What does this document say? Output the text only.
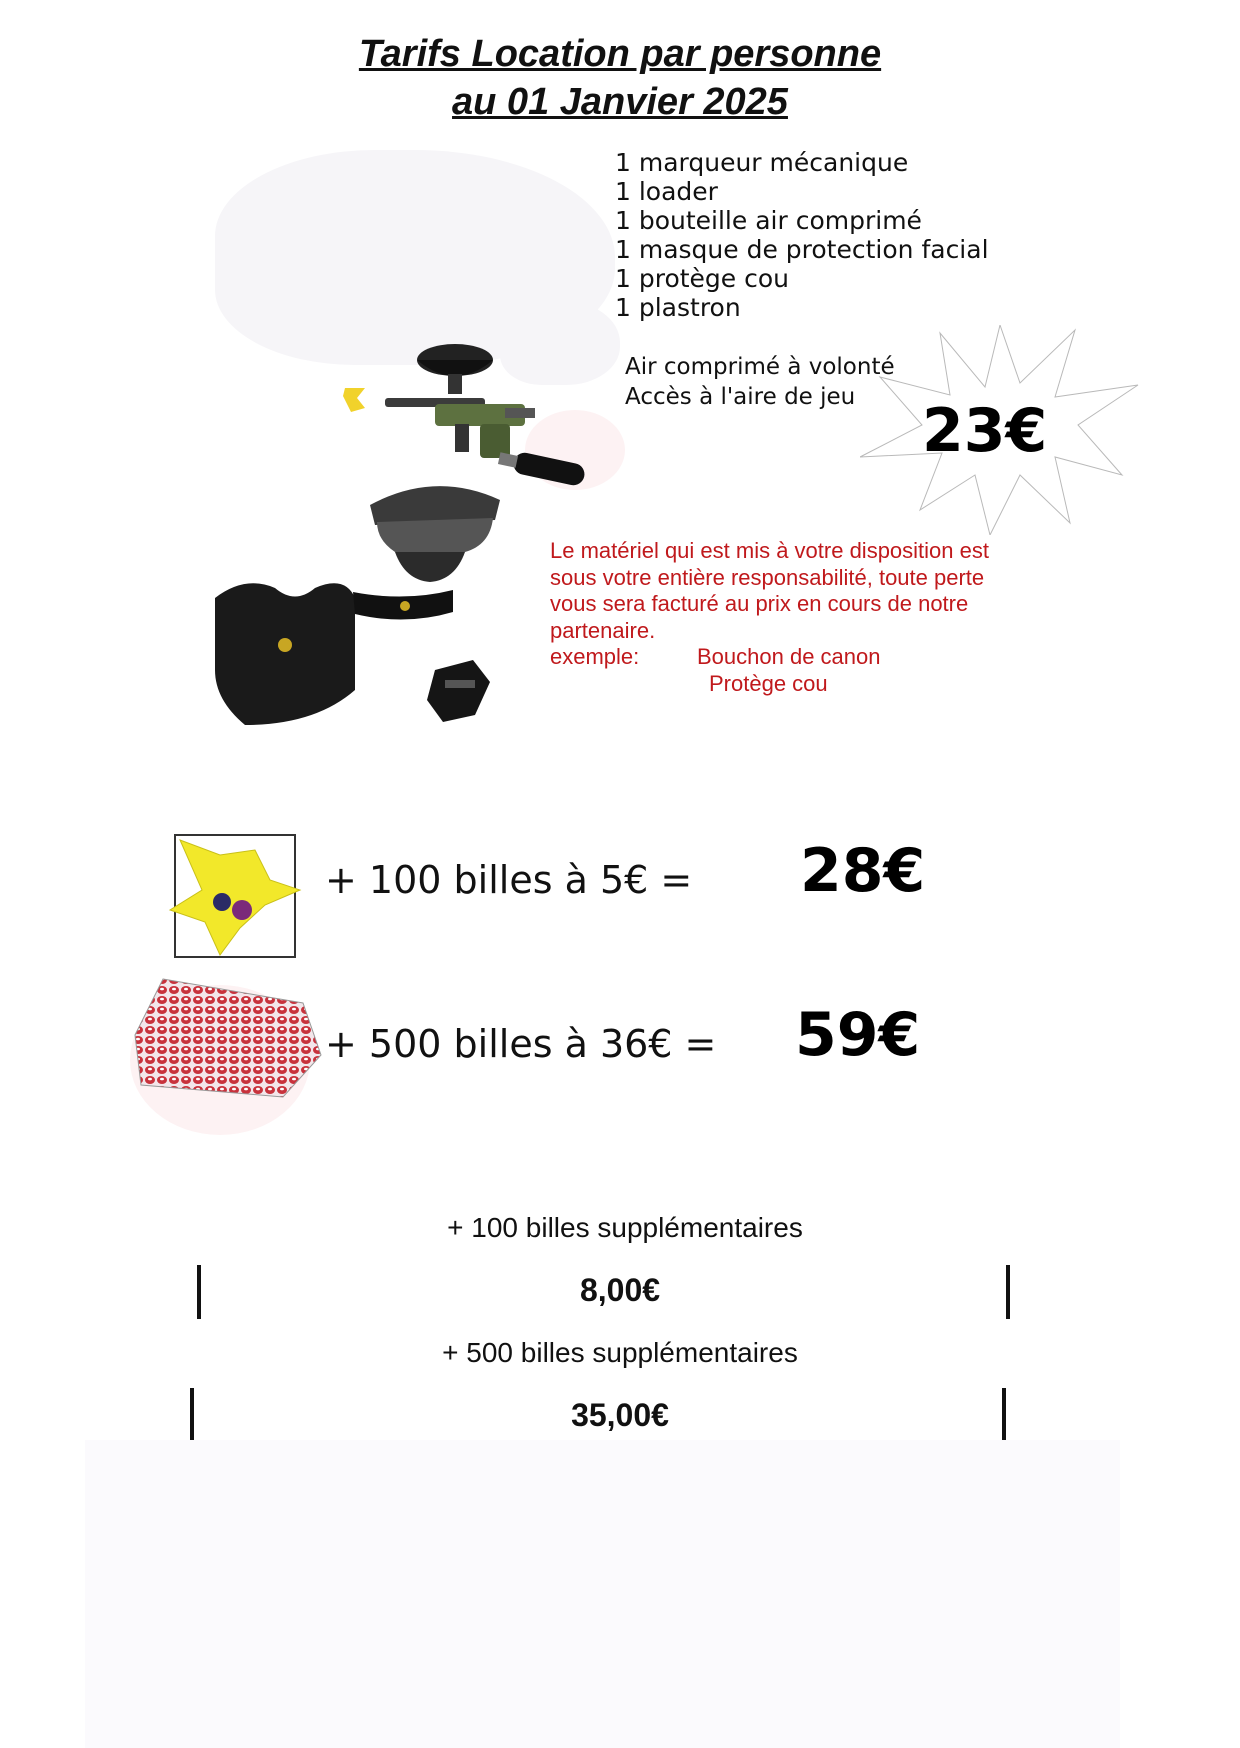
Tarifs Location par personne
au 01 Janvier 2025
1 marqueur mécanique
1 loader
1 bouteille air comprimé
1 masque de protection facial
1 protège cou
1 plastron
Air comprimé à volonté
Accès à l'aire de jeu	23€
Le matériel qui est mis à votre disposition est sous votre entière responsabilité, toute perte vous sera facturé au prix en cours de notre partenaire.
exemple:	Bouchon de canon
Protège cou
+ 100 billes à 5€ = 28€
+ 500 billes à 36€ = 59€
+ 100 billes supplémentaires
8,00€
+ 500 billes supplémentaires
35,00€
